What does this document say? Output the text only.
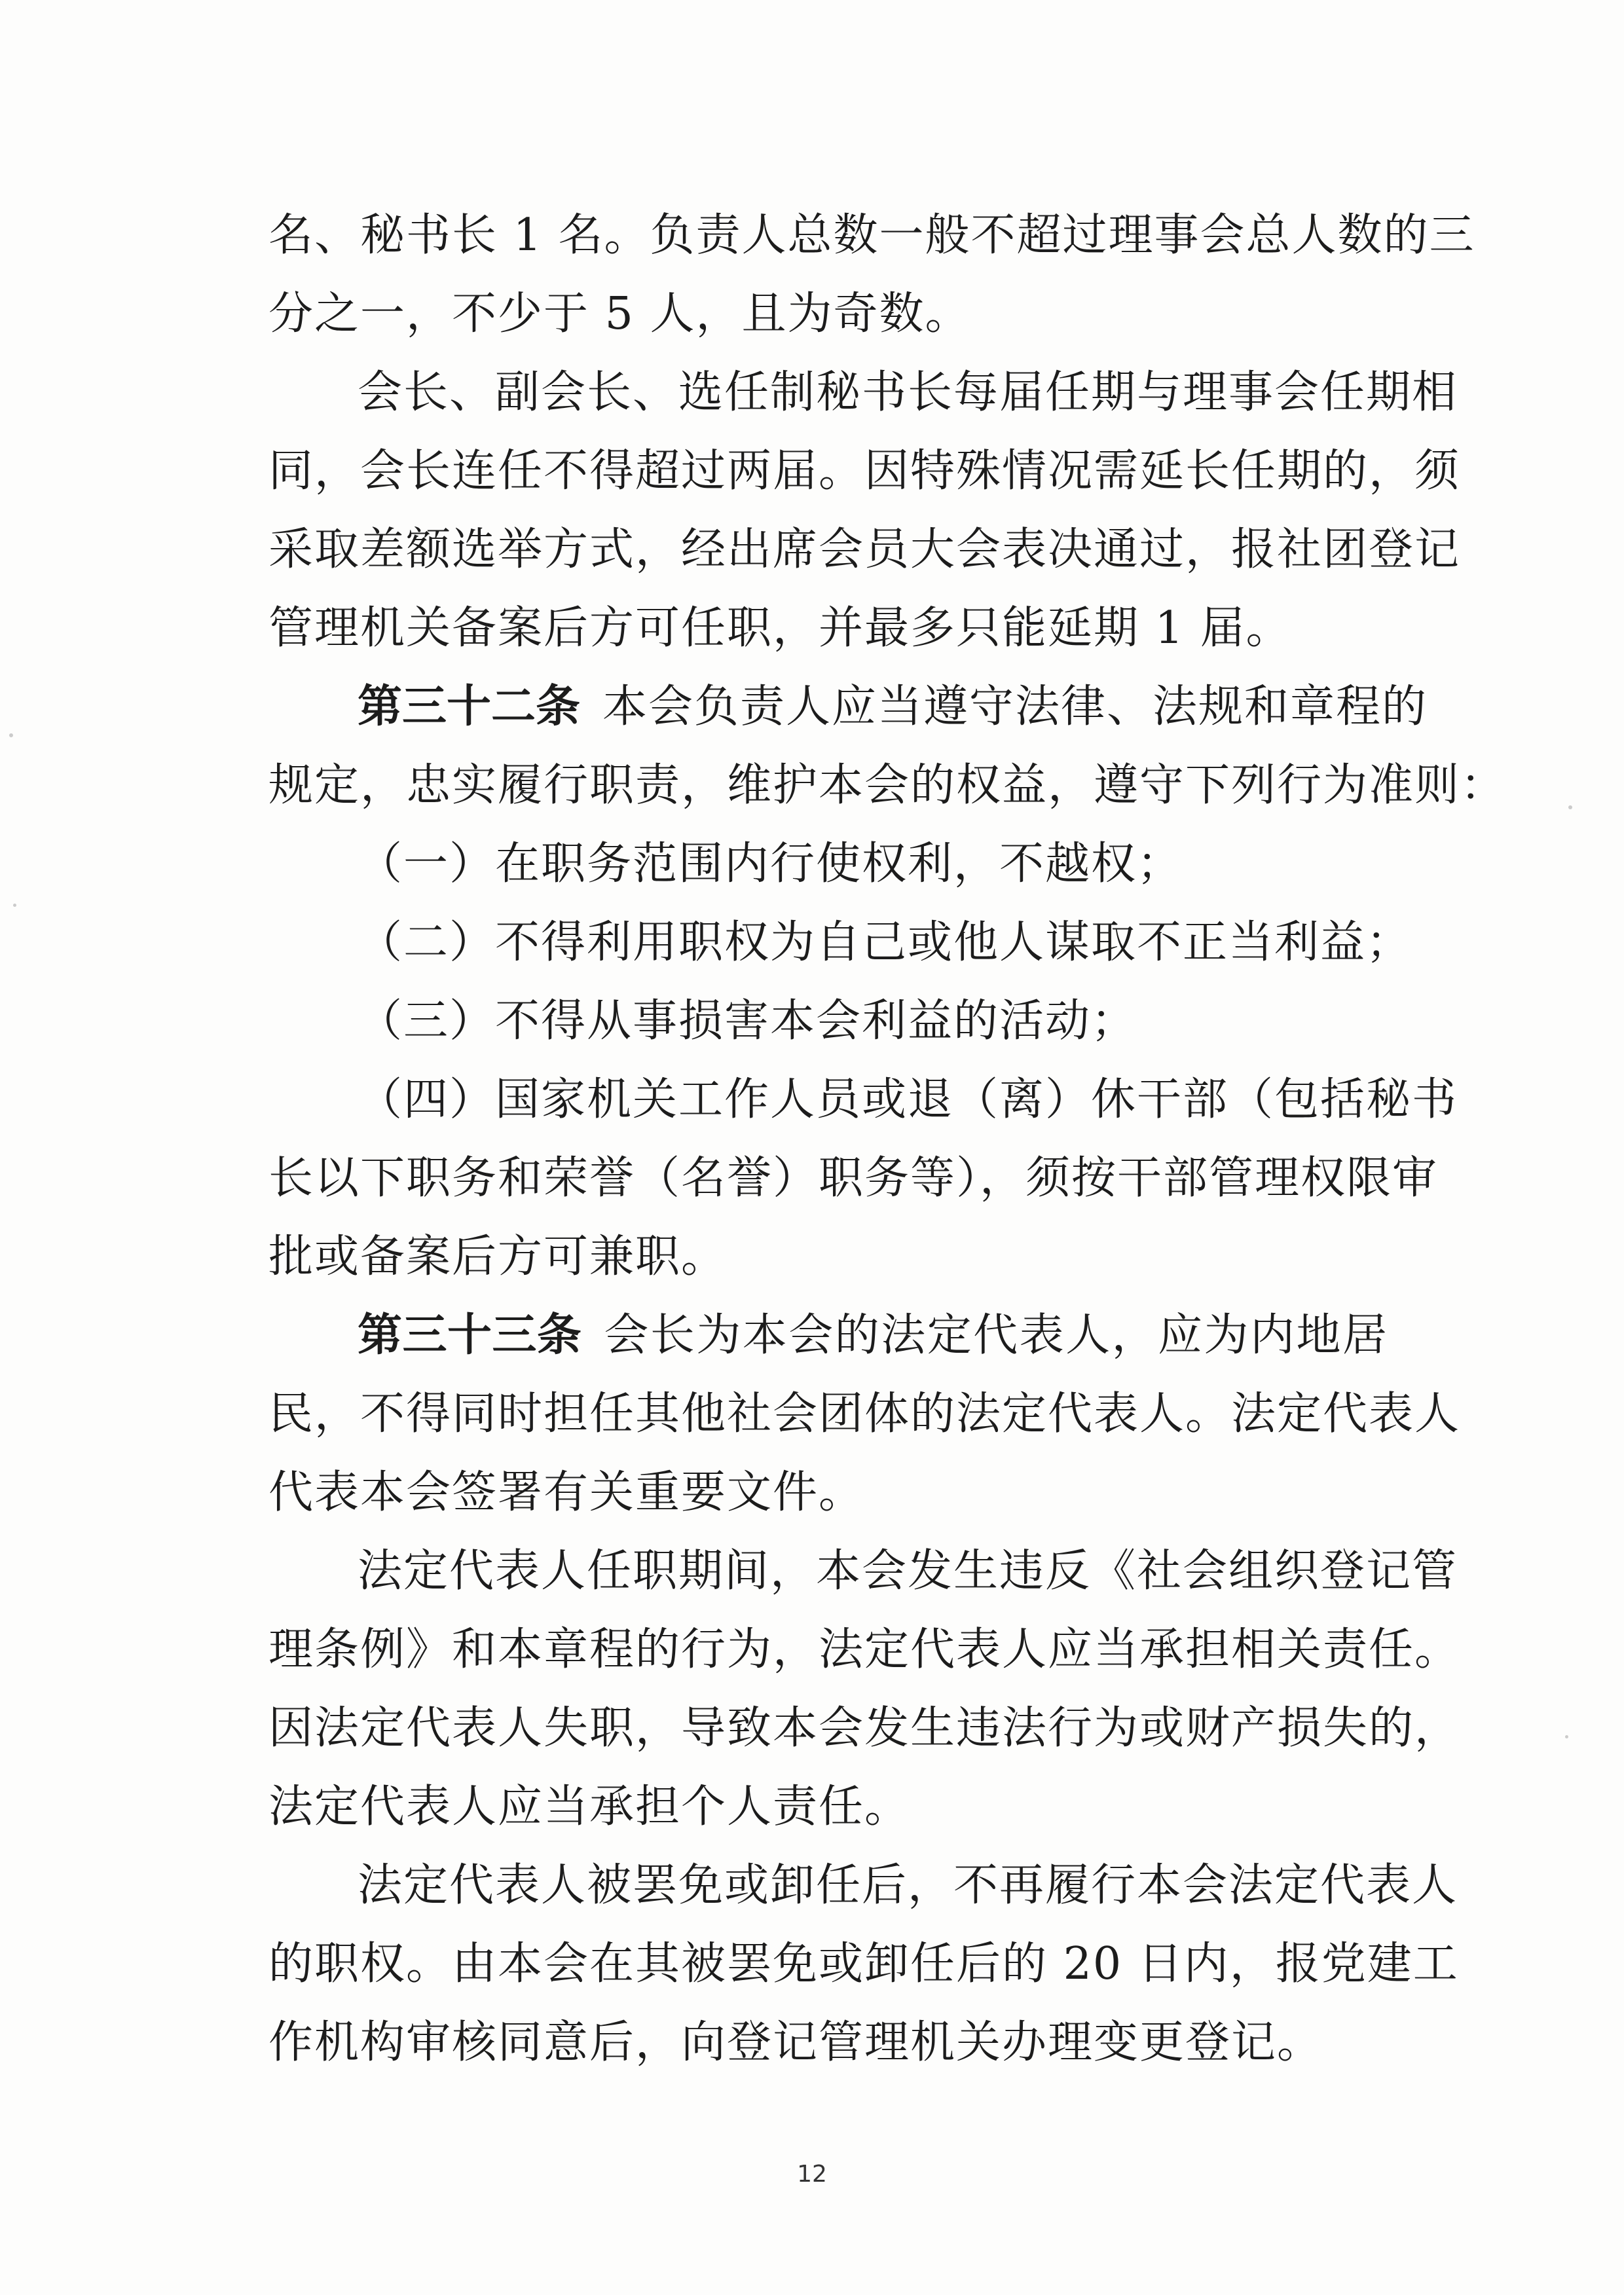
名、秘书长 1 名。负责人总数一般不超过理事会总人数的三
分之一，不少于 5 人，且为奇数。
会长、副会长、选任制秘书长每届任期与理事会任期相
同，会长连任不得超过两届。因特殊情况需延长任期的，须
采取差额选举方式，经出席会员大会表决通过，报社团登记
管理机关备案后方可任职，并最多只能延期 1 届。
第三十二条 本会负责人应当遵守法律、法规和章程的
规定，忠实履行职责，维护本会的权益，遵守下列行为准则：
（一）在职务范围内行使权利，不越权；
（二）不得利用职权为自己或他人谋取不正当利益；
（三）不得从事损害本会利益的活动；
（四）国家机关工作人员或退（离）休干部（包括秘书
长以下职务和荣誉（名誉）职务等），须按干部管理权限审
批或备案后方可兼职。
第三十三条 会长为本会的法定代表人，应为内地居
民，不得同时担任其他社会团体的法定代表人。法定代表人
代表本会签署有关重要文件。
法定代表人任职期间，本会发生违反《社会组织登记管
理条例》和本章程的行为，法定代表人应当承担相关责任。
因法定代表人失职，导致本会发生违法行为或财产损失的，
法定代表人应当承担个人责任。
法定代表人被罢免或卸任后，不再履行本会法定代表人
的职权。由本会在其被罢免或卸任后的 20 日内，报党建工
作机构审核同意后，向登记管理机关办理变更登记。
12
